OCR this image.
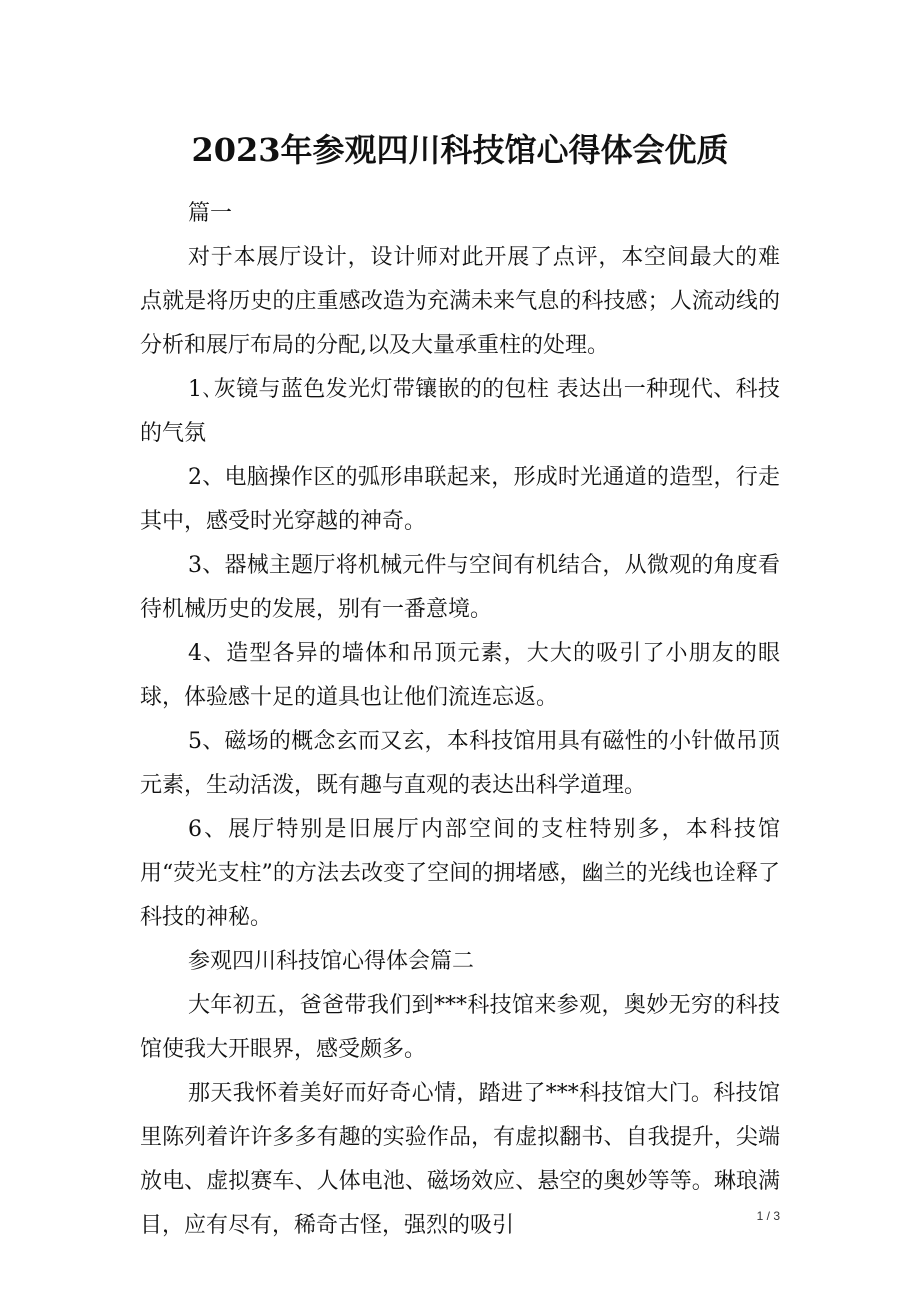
2023年参观四川科技馆心得体会优质

篇一

对于本展厅设计，设计师对此开展了点评，本空间最大的难点就是将历史的庄重感改造为充满未来气息的科技感；人流动线的分析和展厅布局的分配,以及大量承重柱的处理。

1､灰镜与蓝色发光灯带镶嵌的的包柱 表达出一种现代、科技的气氛

2、电脑操作区的弧形串联起来，形成时光通道的造型，行走其中，感受时光穿越的神奇。

3、器械主题厅将机械元件与空间有机结合，从微观的角度看待机械历史的发展，别有一番意境。

4、造型各异的墙体和吊顶元素，大大的吸引了小朋友的眼球，体验感十足的道具也让他们流连忘返。

5、磁场的概念玄而又玄，本科技馆用具有磁性的小针做吊顶元素，生动活泼，既有趣与直观的表达出科学道理。

6、展厅特别是旧展厅内部空间的支柱特别多，本科技馆用“荧光支柱”的方法去改变了空间的拥堵感，幽兰的光线也诠释了科技的神秘。

参观四川科技馆心得体会篇二

大年初五，爸爸带我们到***科技馆来参观，奥妙无穷的科技馆使我大开眼界，感受颇多。

那天我怀着美好而好奇心情，踏进了***科技馆大门。科技馆里陈列着许许多多有趣的实验作品，有虚拟翻书、自我提升，尖端放电、虚拟赛车、人体电池、磁场效应、悬空的奥妙等等。琳琅满目，应有尽有，稀奇古怪，强烈的吸引	1 / 3
